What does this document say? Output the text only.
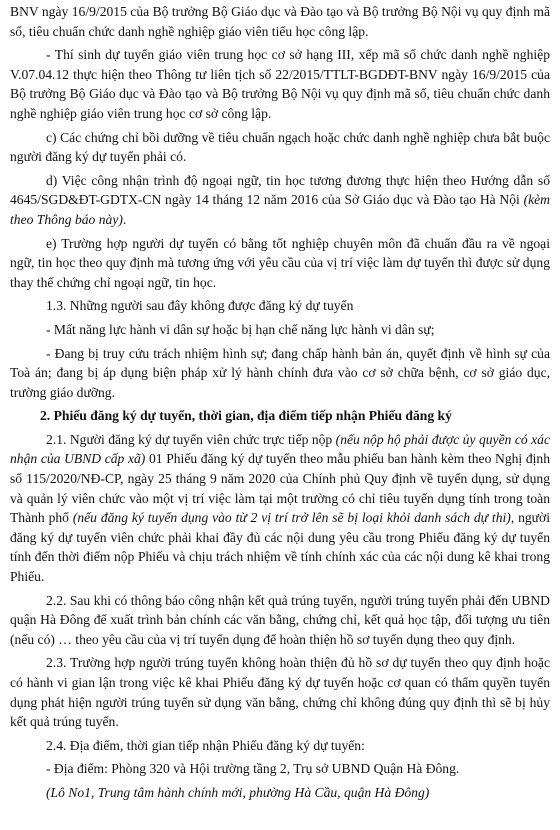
BNV ngày 16/9/2015 của Bộ trưởng Bộ Giáo dục và Đào tạo và Bộ trưởng Bộ Nội vụ quy định mã số, tiêu chuẩn chức danh nghề nghiệp giáo viên tiểu học công lập.

- Thí sinh dự tuyển giáo viên trung học cơ sở hạng III, xếp mã số chức danh nghề nghiệp V.07.04.12 thực hiện theo Thông tư liên tịch số 22/2015/TTLT-BGDĐT-BNV ngày 16/9/2015 của Bộ trưởng Bộ Giáo dục và Đào tạo và Bộ trưởng Bộ Nội vụ quy định mã số, tiêu chuẩn chức danh nghề nghiệp giáo viên trung học cơ sở công lập.

c) Các chứng chỉ bồi dưỡng về tiêu chuẩn ngạch hoặc chức danh nghề nghiệp chưa bắt buộc người đăng ký dự tuyển phải có.

d) Việc công nhận trình độ ngoại ngữ, tin học tương đương thực hiện theo Hướng dẫn số 4645/SGD&ĐT-GDTX-CN ngày 14 tháng 12 năm 2016 của Sở Giáo dục và Đào tạo Hà Nội (kèm theo Thông báo này).

e) Trường hợp người dự tuyển có bằng tốt nghiệp chuyên môn đã chuẩn đầu ra về ngoại ngữ, tin học theo quy định mà tương ứng với yêu cầu của vị trí việc làm dự tuyển thì được sử dụng thay thế chứng chỉ ngoại ngữ, tin học.

1.3. Những người sau đây không được đăng ký dự tuyển

- Mất năng lực hành vi dân sự hoặc bị hạn chế năng lực hành vi dân sự;

- Đang bị truy cứu trách nhiệm hình sự; đang chấp hành bản án, quyết định về hình sự của Toà án; đang bị áp dụng biện pháp xử lý hành chính đưa vào cơ sở chữa bệnh, cơ sở giáo dục, trường giáo dưỡng.

2. Phiếu đăng ký dự tuyển, thời gian, địa điểm tiếp nhận Phiếu đăng ký

2.1. Người đăng ký dự tuyển viên chức trực tiếp nộp (nếu nộp hộ phải được ủy quyền có xác nhận của UBND cấp xã) 01 Phiếu đăng ký dự tuyển theo mẫu phiếu ban hành kèm theo Nghị định số 115/2020/NĐ-CP, ngày 25 tháng 9 năm 2020 của Chính phủ Quy định về tuyển dụng, sử dụng và quản lý viên chức vào một vị trí việc làm tại một trường có chỉ tiêu tuyển dụng tính trong toàn Thành phố (nếu đăng ký tuyển dụng vào từ 2 vị trí trở lên sẽ bị loại khỏi danh sách dự thi), người đăng ký dự tuyển viên chức phải khai đầy đủ các nội dung yêu cầu trong Phiếu đăng ký dự tuyển tính đến thời điểm nộp Phiếu và chịu trách nhiệm về tính chính xác của các nội dung kê khai trong Phiếu.

2.2. Sau khi có thông báo công nhận kết quả trúng tuyển, người trúng tuyển phải đến UBND quận Hà Đông để xuất trình bản chính các văn bằng, chứng chỉ, kết quả học tập, đối tượng ưu tiên (nếu có) … theo yêu cầu của vị trí tuyển dụng để hoàn thiện hồ sơ tuyển dụng theo quy định.

2.3. Trường hợp người trúng tuyển không hoàn thiện đủ hồ sơ dự tuyển theo quy định hoặc có hành vi gian lận trong việc kê khai Phiếu đăng ký dự tuyển hoặc cơ quan có thẩm quyền tuyển dụng phát hiện người trúng tuyển sử dụng văn bằng, chứng chỉ không đúng quy định thì sẽ bị hủy kết quả trúng tuyển.

2.4. Địa điểm, thời gian tiếp nhận Phiếu đăng ký dự tuyển:

- Địa điểm: Phòng 320 và Hội trường tầng 2, Trụ sở UBND Quận Hà Đông.

(Lô No1, Trung tâm hành chính mới, phường Hà Cầu, quận Hà Đông)
